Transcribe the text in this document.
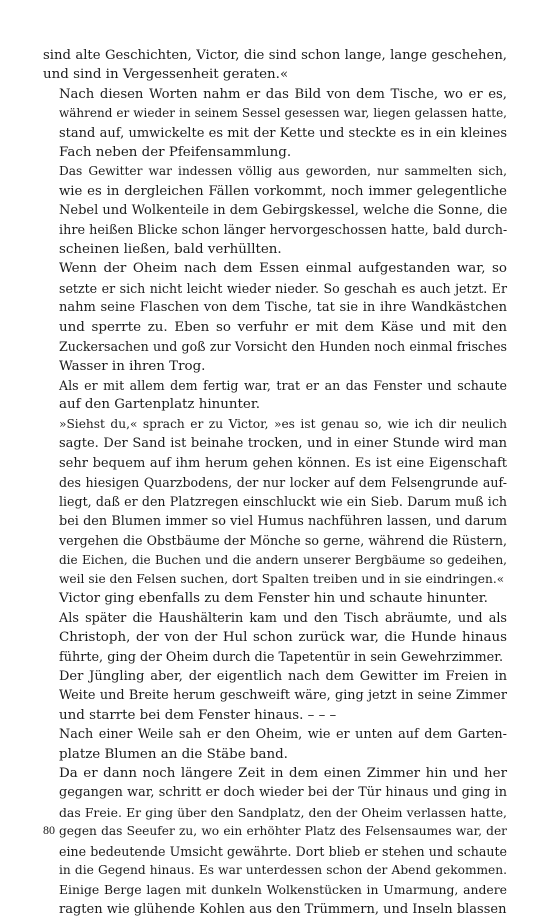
sind alte Geschichten, Victor, die sind schon lange, lange geschehen,
und sind in Vergessenheit geraten.«

Nach diesen Worten nahm er das Bild von dem Tische, wo er es,
während er wieder in seinem Sessel gesessen war, liegen gelassen hatte,
stand auf, umwickelte es mit der Kette und steckte es in ein kleines
Fach neben der Pfeifensammlung.

Das Gewitter war indessen völlig aus geworden, nur sammelten sich,
wie es in dergleichen Fällen vorkommt, noch immer gelegentliche
Nebel und Wolkenteile in dem Gebirgskessel, welche die Sonne, die
ihre heißen Blicke schon länger hervorgeschossen hatte, bald durch-
scheinen ließen, bald verhüllten.

Wenn der Oheim nach dem Essen einmal aufgestanden war, so
setzte er sich nicht leicht wieder nieder. So geschah es auch jetzt. Er
nahm seine Flaschen von dem Tische, tat sie in ihre Wandkästchen
und sperrte zu. Eben so verfuhr er mit dem Käse und mit den
Zuckersachen und goß zur Vorsicht den Hunden noch einmal frisches
Wasser in ihren Trog.

Als er mit allem dem fertig war, trat er an das Fenster und schaute
auf den Gartenplatz hinunter.

»Siehst du,« sprach er zu Victor, »es ist genau so, wie ich dir neulich
sagte. Der Sand ist beinahe trocken, und in einer Stunde wird man
sehr bequem auf ihm herum gehen können. Es ist eine Eigenschaft
des hiesigen Quarzbodens, der nur locker auf dem Felsengrunde auf-
liegt, daß er den Platzregen einschluckt wie ein Sieb. Darum muß ich
bei den Blumen immer so viel Humus nachführen lassen, und darum
vergehen die Obstbäume der Mönche so gerne, während die Rüstern,
die Eichen, die Buchen und die andern unserer Bergbäume so gedeihen,
weil sie den Felsen suchen, dort Spalten treiben und in sie eindringen.«

Victor ging ebenfalls zu dem Fenster hin und schaute hinunter.

Als später die Haushälterin kam und den Tisch abräumte, und als
Christoph, der von der Hul schon zurück war, die Hunde hinaus
führte, ging der Oheim durch die Tapetentür in sein Gewehrzimmer.

Der Jüngling aber, der eigentlich nach dem Gewitter im Freien in
Weite und Breite herum geschweift wäre, ging jetzt in seine Zimmer
und starrte bei dem Fenster hinaus. – – –

Nach einer Weile sah er den Oheim, wie er unten auf dem Garten-
platze Blumen an die Stäbe band.

Da er dann noch längere Zeit in dem einen Zimmer hin und her
gegangen war, schritt er doch wieder bei der Tür hinaus und ging in
das Freie. Er ging über den Sandplatz, den der Oheim verlassen hatte,
gegen das Seeufer zu, wo ein erhöhter Platz des Felsensaumes war, der
eine bedeutende Umsicht gewährte. Dort blieb er stehen und schaute
in die Gegend hinaus. Es war unterdessen schon der Abend gekommen.
Einige Berge lagen mit dunkeln Wolkenstücken in Umarmung, andere
ragten wie glühende Kohlen aus den Trümmern, und Inseln blassen

80
